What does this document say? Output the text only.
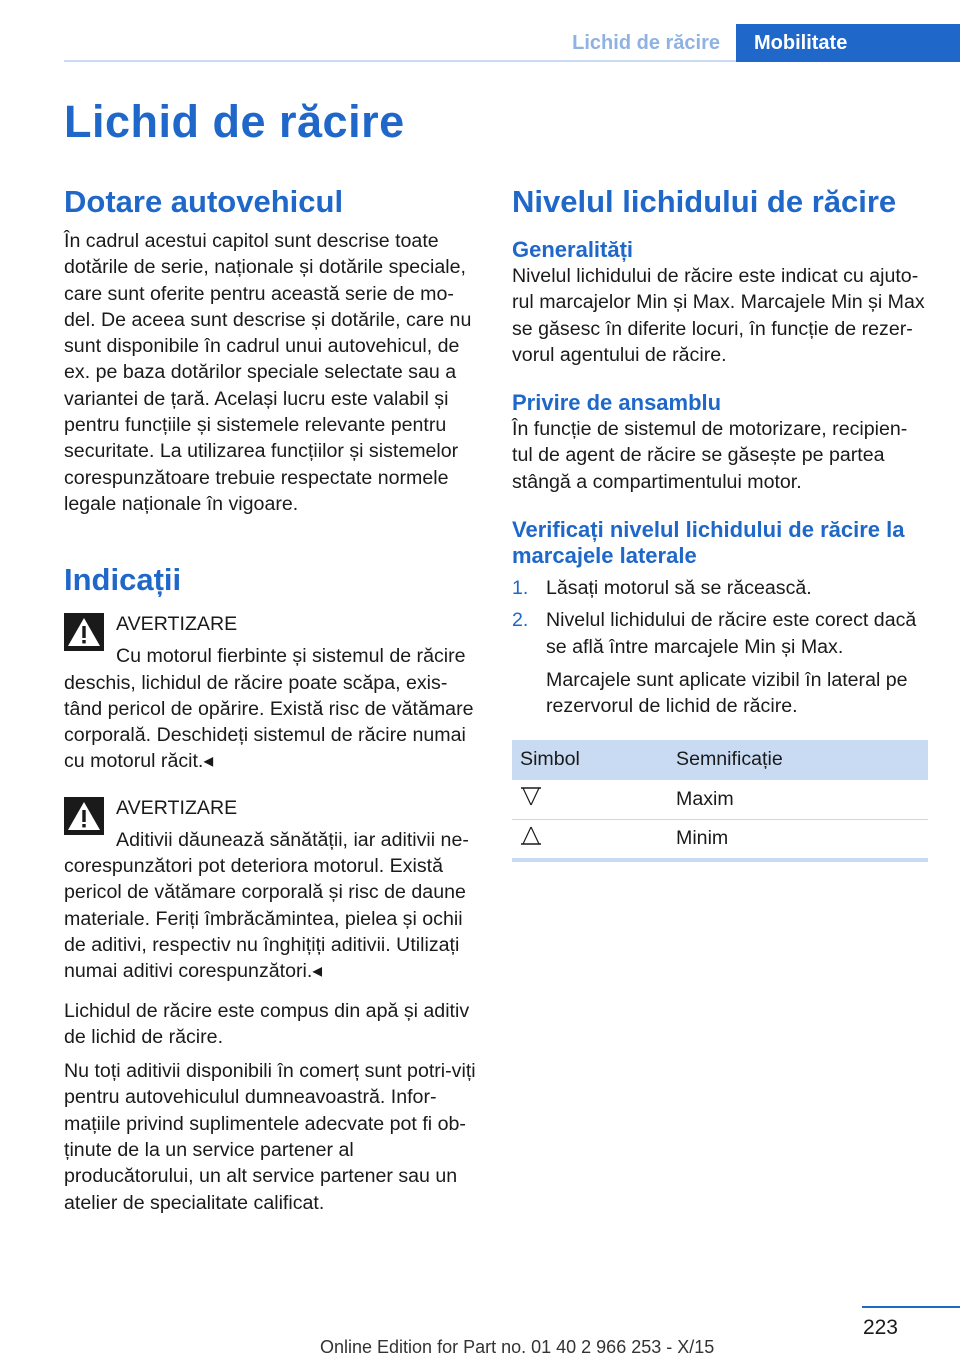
Lichid de răcire	Mobilitate
Lichid de răcire
Dotare autovehicul

În cadrul acestui capitol sunt descrise toate dotările de serie, naționale și dotările speciale, care sunt oferite pentru această serie de mo-del. De aceea sunt descrise și dotările, care nu sunt disponibile în cadrul unui autovehicul, de ex. pe baza dotărilor speciale selectate sau a variantei de țară. Același lucru este valabil și pentru funcțiile și sistemele relevante pentru securitate. La utilizarea funcțiilor și sistemelor corespunzătoare trebuie respectate normele legale naționale în vigoare.

Indicații
AVERTIZARE
Cu motorul fierbinte și sistemul de răcire

deschis, lichidul de răcire poate scăpa, exis-tând pericol de opărire. Există risc de vătămare corporală. Deschideți sistemul de răcire numai cu motorul răcit.◂

AVERTIZARE
Aditivii dăunează sănătății, iar aditivii ne-

corespunzători pot deteriora motorul. Există pericol de vătămare corporală și risc de daune materiale. Feriți îmbrăcămintea, pielea și ochii de aditivi, respectiv nu înghițiți aditivii. Utilizați numai aditivi corespunzători.◂

Lichidul de răcire este compus din apă și aditiv de lichid de răcire.

Nu toți aditivii disponibili în comerț sunt potri-viți pentru autovehiculul dumneavoastră. Infor-mațiile privind suplimentele adecvate pot fi ob-ținute de la un service partener al producătorului, un alt service partener sau un atelier de specialitate calificat.

Nivelul lichidului de răcire
Generalități

Nivelul lichidului de răcire este indicat cu ajuto-rul marcajelor Min și Max. Marcajele Min și Max se găsesc în diferite locuri, în funcție de rezer-vorul agentului de răcire.

Privire de ansamblu

În funcție de sistemul de motorizare, recipien-tul de agent de răcire se găsește pe partea stângă a compartimentului motor.

Verificați nivelul lichidului de răcire la marcajele laterale
1. Lăsați motorul să se răcească.
2. Nivelul lichidului de răcire este corect dacă se află între marcajele Min și Max.
Marcajele sunt aplicate vizibil în lateral pe rezervorul de lichid de răcire.
Simbol	Semnificație
	Maxim
	Minim
223
Online Edition for Part no. 01 40 2 966 253 - X/15
